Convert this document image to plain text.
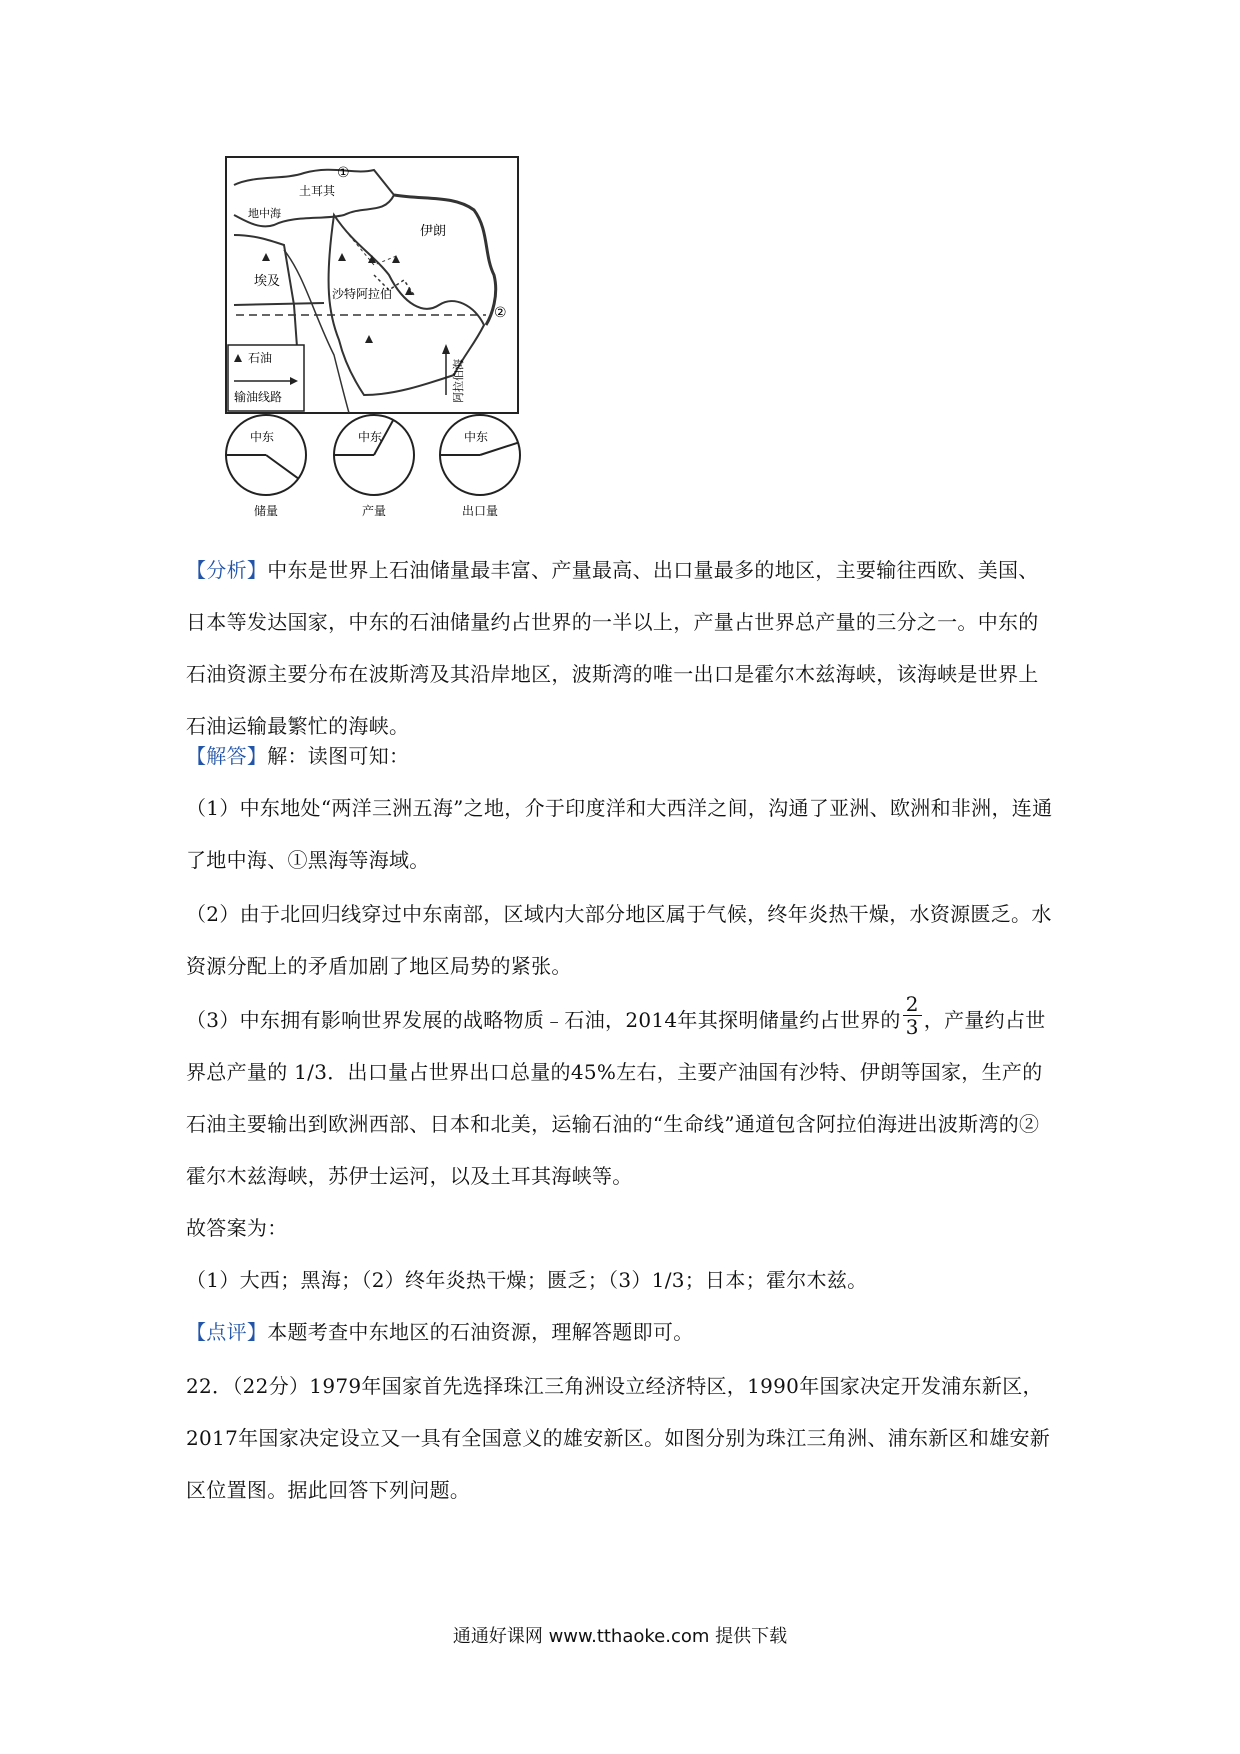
①
土耳其
地中海
伊朗
埃及
沙特阿拉伯
②
阿拉伯海
石油
输油线路
中东
储量
中东
产量
中东
出口量

【分析】中东是世界上石油储量最丰富、产量最高、出口量最多的地区，主要输往西欧、美国、日本等发达国家，中东的石油储量约占世界的一半以上，产量占世界总产量的三分之一。中东的石油资源主要分布在波斯湾及其沿岸地区，波斯湾的唯一出口是霍尔木兹海峡，该海峡是世界上石油运输最繁忙的海峡。

【解答】解：读图可知：

（1）中东地处“两洋三洲五海”之地，介于印度洋和大西洋之间，沟通了亚洲、欧洲和非洲，连通了地中海、①黑海等海域。

（2）由于北回归线穿过中东南部，区域内大部分地区属于气候，终年炎热干燥，水资源匮乏。水资源分配上的矛盾加剧了地区局势的紧张。

（3）中东拥有影响世界发展的战略物质﹣石油，2014年其探明储量约占世界的 $\frac{2}{3}$ ，产量约占世界总产量的 1/3．出口量占世界出口总量的45%左右，主要产油国有沙特、伊朗等国家，生产的石油主要输出到欧洲西部、日本和北美，运输石油的“生命线”通道包含阿拉伯海进出波斯湾的②霍尔木兹海峡，苏伊士运河，以及土耳其海峡等。

故答案为：

（1）大西；黑海；（2）终年炎热干燥；匮乏；（3）1/3；日本；霍尔木兹。

【点评】本题考查中东地区的石油资源，理解答题即可。

22．（22分）1979年国家首先选择珠江三角洲设立经济特区，1990年国家决定开发浦东新区，2017年国家决定设立又一具有全国意义的雄安新区。如图分别为珠江三角洲、浦东新区和雄安新区位置图。据此回答下列问题。

通通好课网 www.tthaoke.com 提供下载
